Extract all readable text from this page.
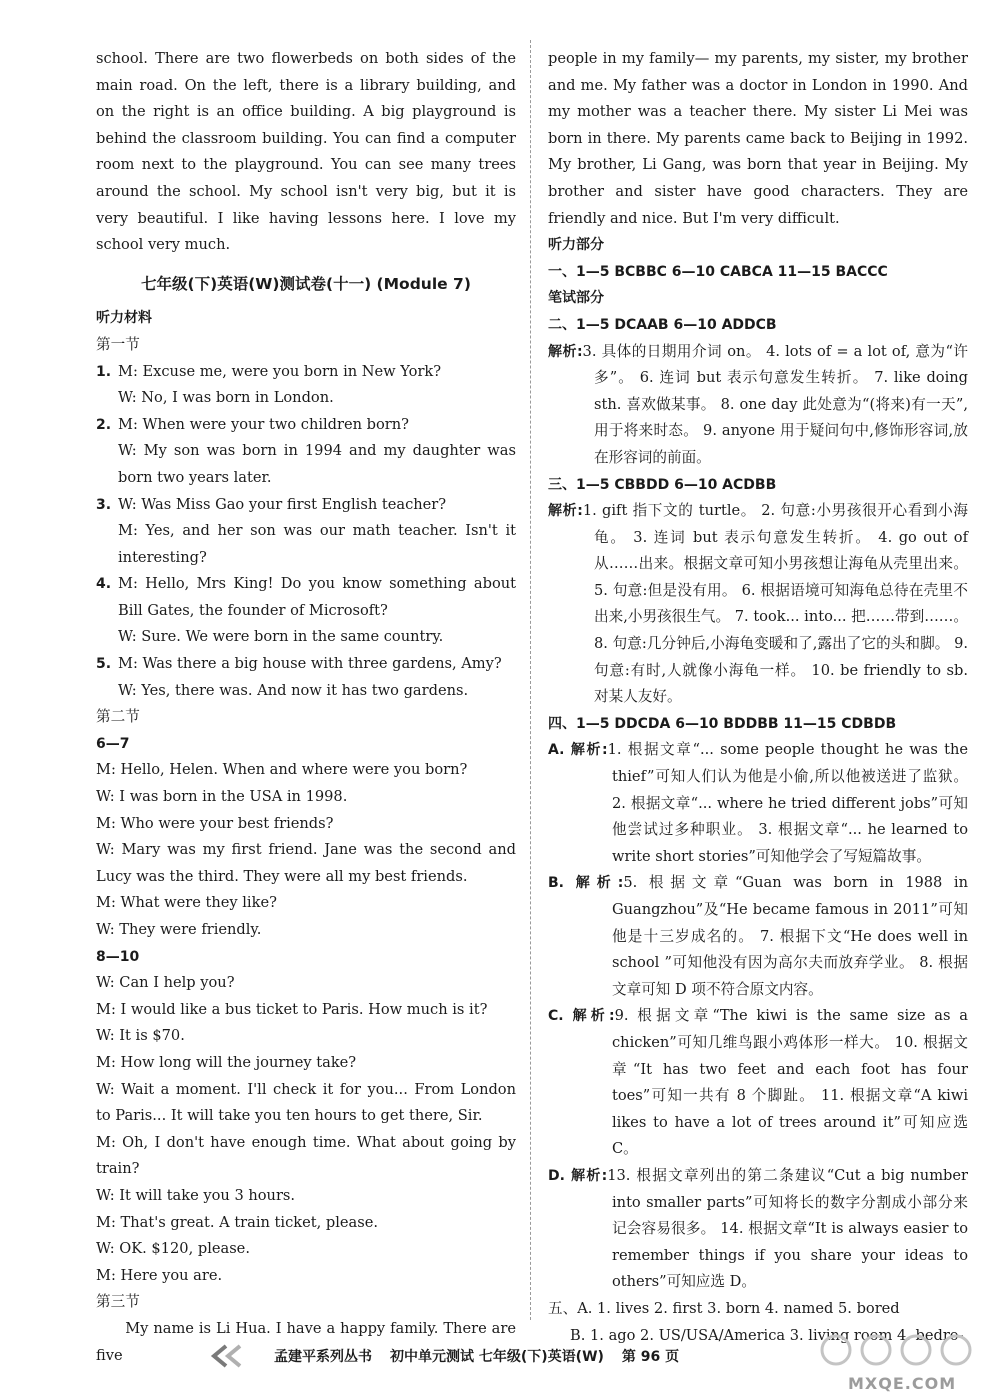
school. There are two flowerbeds on both sides of the main road. On the left, there is a library building, and on the right is an office building. A big playground is behind the classroom building. You can find a computer room next to the playground. You can see many trees around the school. My school isn't very big, but it is very beautiful. I like having lessons here. I love my school very much.

七年级(下)英语(W)测试卷(十一) (Module 7)

听力材料

第一节

1. M: Excuse me, were you born in New York?
W: No, I was born in London.
2. M: When were your two children born?
W: My son was born in 1994 and my daughter was born two years later.
3. W: Was Miss Gao your first English teacher?
M: Yes, and her son was our math teacher. Isn't it interesting?
4. M: Hello, Mrs King! Do you know something about Bill Gates, the founder of Microsoft?
W: Sure. We were born in the same country.
5. M: Was there a big house with three gardens, Amy?
W: Yes, there was. And now it has two gardens.

第二节

6—7

M: Hello, Helen. When and where were you born?

W: I was born in the USA in 1998.

M: Who were your best friends?

W: Mary was my first friend. Jane was the second and Lucy was the third. They were all my best friends.

M: What were they like?

W: They were friendly.

8—10

W: Can I help you?

M: I would like a bus ticket to Paris. How much is it?

W: It is $70.

M: How long will the journey take?

W: Wait a moment. I'll check it for you... From London to Paris... It will take you ten hours to get there, Sir.

M: Oh, I don't have enough time. What about going by train?

W: It will take you 3 hours.

M: That's great. A train ticket, please.

W: OK. $120, please.

M: Here you are.

第三节

My name is Li Hua. I have a happy family. There are five

people in my family— my parents, my sister, my brother and me. My father was a doctor in London in 1990. And my mother was a teacher there. My sister Li Mei was born in there. My parents came back to Beijing in 1992. My brother, Li Gang, was born that year in Beijing. My brother and sister have good characters. They are friendly and nice. But I'm very difficult.

听力部分

一、1—5 BCBBC 6—10 CABCA 11—15 BACCC

笔试部分

二、1—5 DCAAB 6—10 ADDCB

解析:3. 具体的日期用介词 on。 4. lots of = a lot of, 意为“许多”。 6. 连词 but 表示句意发生转折。 7. like doing sth. 喜欢做某事。 8. one day 此处意为“(将来)有一天”,用于将来时态。 9. anyone 用于疑问句中,修饰形容词,放在形容词的前面。

三、1—5 CBBDD 6—10 ACDBB

解析:1. gift 指下文的 turtle。 2. 句意:小男孩很开心看到小海龟。 3. 连词 but 表示句意发生转折。 4. go out of 从……出来。根据文章可知小男孩想让海龟从壳里出来。 5. 句意:但是没有用。 6. 根据语境可知海龟总待在壳里不出来,小男孩很生气。 7. took... into... 把……带到……。 8. 句意:几分钟后,小海龟变暖和了,露出了它的头和脚。 9. 句意:有时,人就像小海龟一样。 10. be friendly to sb. 对某人友好。

四、1—5 DDCDA 6—10 BDDBB 11—15 CDBDB

A. 解析:1. 根据文章“... some people thought he was the thief”可知人们认为他是小偷,所以他被送进了监狱。 2. 根据文章“... where he tried different jobs”可知他尝试过多种职业。 3. 根据文章“... he learned to write short stories”可知他学会了写短篇故事。

B. 解析:5. 根据文章“Guan was born in 1988 in Guangzhou”及“He became famous in 2011”可知他是十三岁成名的。 7. 根据下文“He does well in school ”可知他没有因为高尔夫而放弃学业。 8. 根据文章可知 D 项不符合原文内容。

C. 解析:9. 根据文章“The kiwi is the same size as a chicken”可知几维鸟跟小鸡体形一样大。 10. 根据文章“It has two feet and each foot has four toes”可知一共有 8 个脚趾。 11. 根据文章“A kiwi likes to have a lot of trees around it”可知应选 C。

D. 解析:13. 根据文章列出的第二条建议“Cut a big number into smaller parts”可知将长的数字分割成小部分来记会容易很多。 14. 根据文章“It is always easier to remember things if you share your ideas to others”可知应选 D。

五、A. 1. lives 2. first 3. born 4. named 5. bored

B. 1. ago 2. US/USA/America 3. living room 4. bedro-

孟建平系列丛书 初中单元测试 七年级(下)英语(W) 第 96 页
MXQE.COM
